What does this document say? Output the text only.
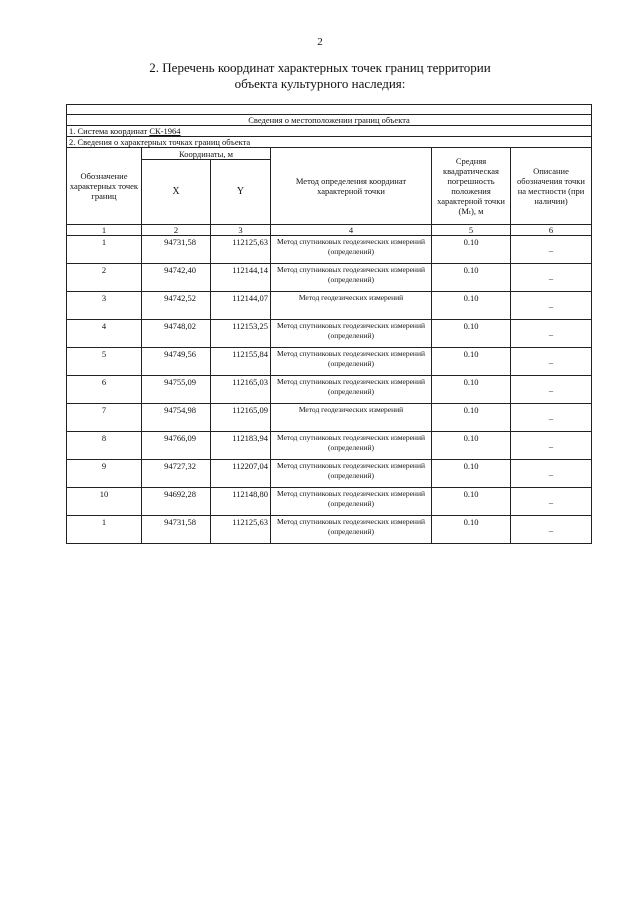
2
2. Перечень координат характерных точек границ территории
объекта культурного наследия:

Сведения о местоположении границ объекта					
1. Система координат СК-1964					
2. Сведения о характерных точках границ объекта					
Обозначение характерных точек границ	Координаты, м		Метод определения координат характерной точки	Средняя квадратическая погрешность положения характерной точки (Mₜ), м	Описание обозначения точки на местности (при наличии)
	X	Y			
1	2	3	4	5	6
1	94731,58	112125,63	Метод спутниковых геодезических измерений (определений)	0.10	–
2	94742,40	112144,14	Метод спутниковых геодезических измерений (определений)	0.10	–
3	94742,52	112144,07	Метод геодезических измерений	0.10	–
4	94748,02	112153,25	Метод спутниковых геодезических измерений (определений)	0.10	–
5	94749,56	112155,84	Метод спутниковых геодезических измерений (определений)	0.10	–
6	94755,09	112165,03	Метод спутниковых геодезических измерений (определений)	0.10	–
7	94754,98	112165,09	Метод геодезических измерений	0.10	–
8	94766,09	112183,94	Метод спутниковых геодезических измерений (определений)	0.10	–
9	94727,32	112207,04	Метод спутниковых геодезических измерений (определений)	0.10	–
10	94692,28	112148,80	Метод спутниковых геодезических измерений (определений)	0.10	–
1	94731,58	112125,63	Метод спутниковых геодезических измерений (определений)	0.10	–
